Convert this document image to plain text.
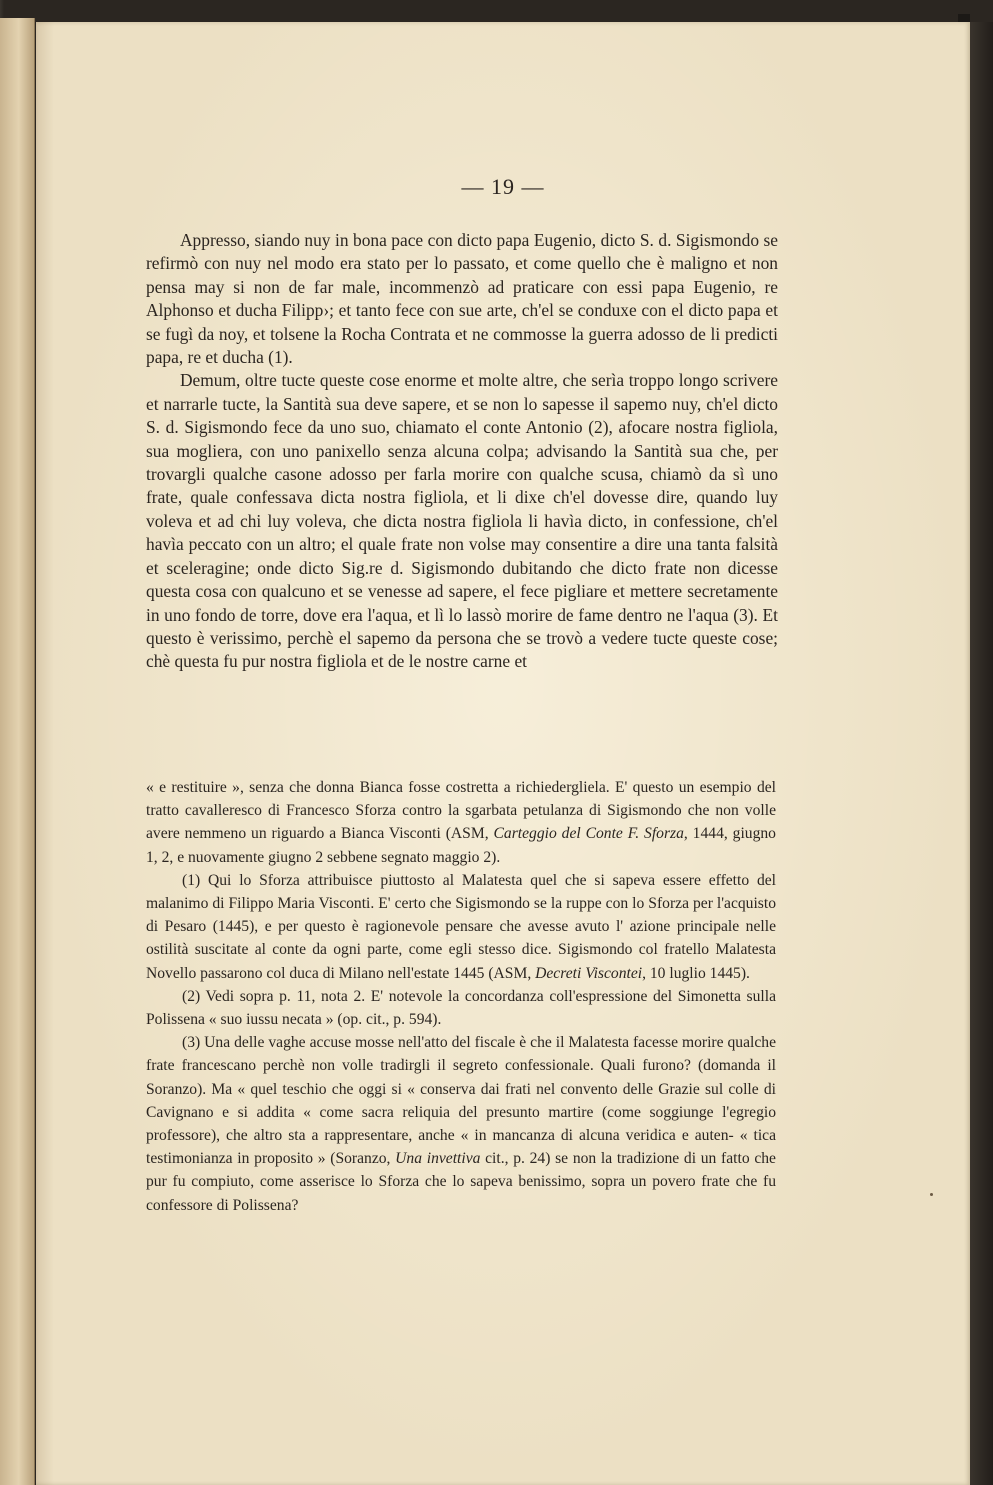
— 19 —

Appresso, siando nuy in bona pace con dicto papa Eugenio, dicto S. d. Sigismondo se refirmò con nuy nel modo era stato per lo passato, et come quello che è maligno et non pensa may si non de far male, incommenzò ad praticare con essi papa Eugenio, re Alphonso et ducha Filipp›; et tanto fece con sue arte, ch'el se conduxe con el dicto papa et se fugì da noy, et tolsene la Rocha Contrata et ne commosse la guerra adosso de li predicti papa, re et ducha (1).

Demum, oltre tucte queste cose enorme et molte altre, che serìa troppo longo scrivere et narrarle tucte, la Santità sua deve sapere, et se non lo sapesse il sapemo nuy, ch'el dicto S. d. Sigismondo fece da uno suo, chiamato el conte Antonio (2), afocare nostra figliola, sua mogliera, con uno panixello senza alcuna colpa; advisando la Santità sua che, per trovargli qualche casone adosso per farla morire con qualche scusa, chiamò da sì uno frate, quale confessava dicta nostra figliola, et li dixe ch'el dovesse dire, quando luy voleva et ad chi luy voleva, che dicta nostra figliola li havìa dicto, in confessione, ch'el havìa peccato con un altro; el quale frate non volse may consentire a dire una tanta falsità et sceleragine; onde dicto Sig.re d. Sigismondo dubitando che dicto frate non dicesse questa cosa con qualcuno et se venesse ad sapere, el fece pigliare et mettere secretamente in uno fondo de torre, dove era l'aqua, et lì lo lassò morire de fame dentro ne l'aqua (3). Et questo è verissimo, perchè el sapemo da persona che se trovò a vedere tucte queste cose; chè questa fu pur nostra figliola et de le nostre carne et

« e restituire », senza che donna Bianca fosse costretta a richiedergliela. E' questo un esempio del tratto cavalleresco di Francesco Sforza contro la sgarbata petulanza di Sigismondo che non volle avere nemmeno un riguardo a Bianca Visconti (ASM, Carteggio del Conte F. Sforza, 1444, giugno 1, 2, e nuovamente giugno 2 sebbene segnato maggio 2).

(1) Qui lo Sforza attribuisce piuttosto al Malatesta quel che si sapeva essere effetto del malanimo di Filippo Maria Visconti. E' certo che Sigismondo se la ruppe con lo Sforza per l'acquisto di Pesaro (1445), e per questo è ragionevole pensare che avesse avuto l' azione principale nelle ostilità suscitate al conte da ogni parte, come egli stesso dice. Sigismondo col fratello Malatesta Novello passarono col duca di Milano nell'estate 1445 (ASM, Decreti Viscontei, 10 luglio 1445).

(2) Vedi sopra p. 11, nota 2. E' notevole la concordanza coll'espressione del Simonetta sulla Polissena « suo iussu necata » (op. cit., p. 594).

(3) Una delle vaghe accuse mosse nell'atto del fiscale è che il Malatesta facesse morire qualche frate francescano perchè non volle tradirgli il segreto confessionale. Quali furono? (domanda il Soranzo). Ma « quel teschio che oggi si « conserva dai frati nel convento delle Grazie sul colle di Cavignano e si addita « come sacra reliquia del presunto martire (come soggiunge l'egregio professore), che altro sta a rappresentare, anche « in mancanza di alcuna veridica e auten- « tica testimonianza in proposito » (Soranzo, Una invettiva cit., p. 24) se non la tradizione di un fatto che pur fu compiuto, come asserisce lo Sforza che lo sapeva benissimo, sopra un povero frate che fu confessore di Polissena?
